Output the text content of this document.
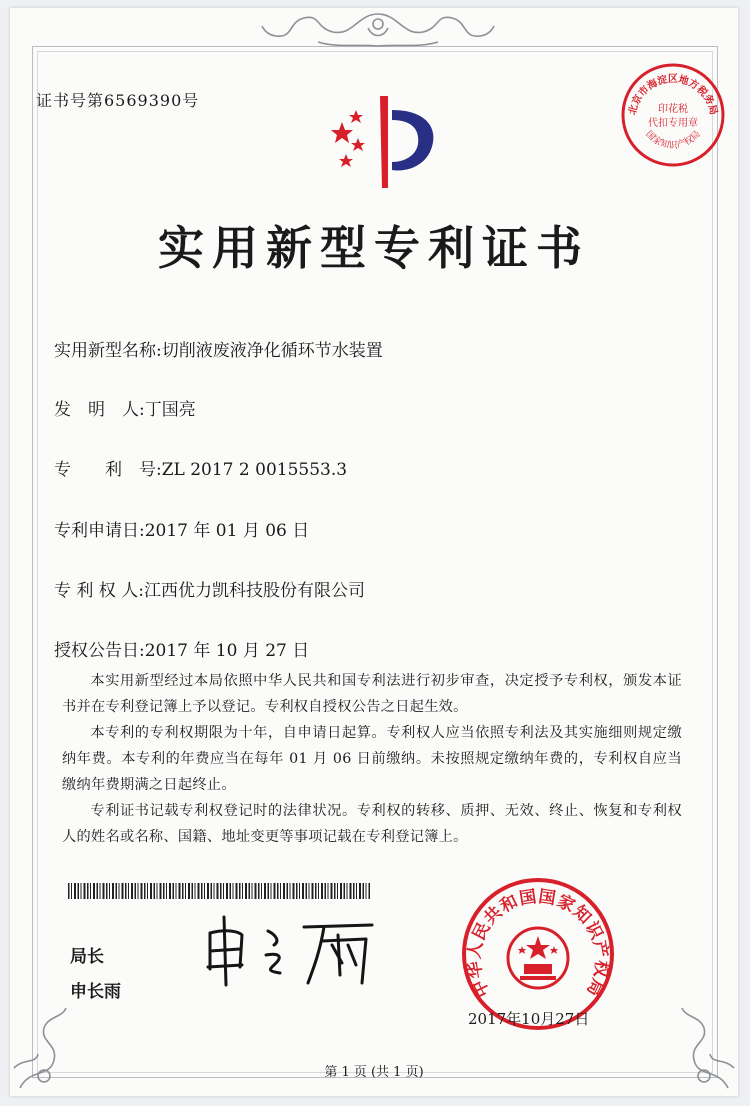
证书号第6569390号	北京市海淀区地方税务局
印花税
代扣专用章
国家知识产权局
实用新型专利证书
实用新型名称:切削液废液净化循环节水装置
发　明　人:丁国亮
专　　利　号:ZL 2017 2 0015553.3
专利申请日:2017 年 01 月 06 日
专 利 权 人:江西优力凯科技股份有限公司
授权公告日:2017 年 10 月 27 日

本实用新型经过本局依照中华人民共和国专利法进行初步审查，决定授予专利权，颁发本证书并在专利登记簿上予以登记。专利权自授权公告之日起生效。

本专利的专利权期限为十年，自申请日起算。专利权人应当依照专利法及其实施细则规定缴纳年费。本专利的年费应当在每年 01 月 06 日前缴纳。未按照规定缴纳年费的，专利权自应当缴纳年费期满之日起终止。

专利证书记载专利权登记时的法律状况。专利权的转移、质押、无效、终止、恢复和专利权人的姓名或名称、国籍、地址变更等事项记载在专利登记簿上。

局长
申长雨	中华人民共和国国家知识产权局
2017年10月27日
第 1 页 (共 1 页)
